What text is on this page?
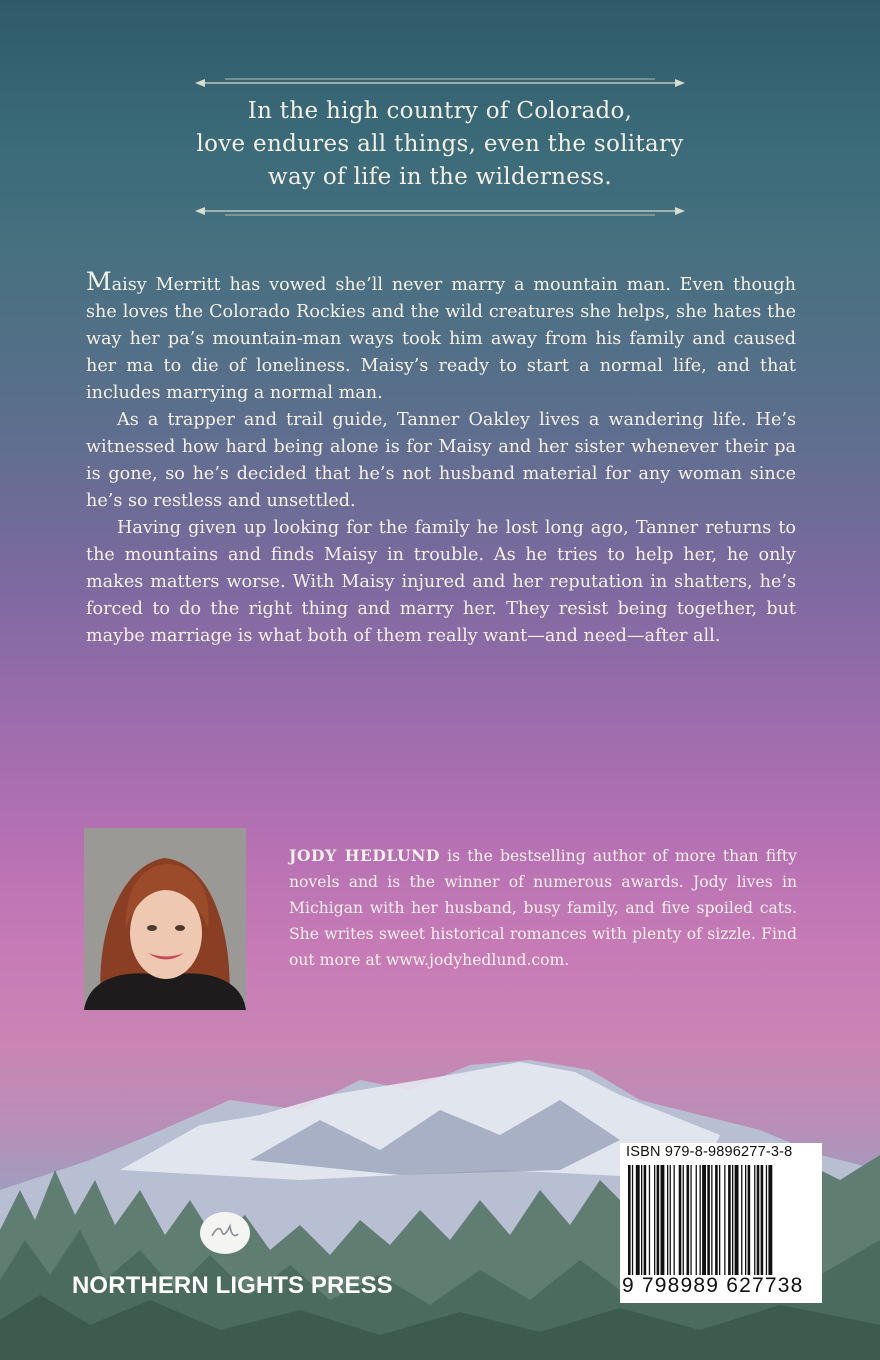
In the high country of Colorado,
love endures all things, even the solitary
way of life in the wilderness.

Maisy Merritt has vowed she’ll never marry a mountain man. Even though she loves the Colorado Rockies and the wild creatures she helps, she hates the way her pa’s mountain-man ways took him away from his family and caused her ma to die of loneliness. Maisy’s ready to start a normal life, and that includes marrying a normal man.

As a trapper and trail guide, Tanner Oakley lives a wandering life. He’s witnessed how hard being alone is for Maisy and her sister whenever their pa is gone, so he’s decided that he’s not husband material for any woman since he’s so restless and unsettled.

Having given up looking for the family he lost long ago, Tanner returns to the mountains and finds Maisy in trouble. As he tries to help her, he only makes matters worse. With Maisy injured and her reputation in shatters, he’s forced to do the right thing and marry her. They resist being together, but maybe marriage is what both of them really want—and need—after all.

JODY HEDLUND is the bestselling author of more than fifty novels and is the winner of numerous awards. Jody lives in Michigan with her husband, busy family, and five spoiled cats. She writes sweet historical romances with plenty of sizzle. Find out more at www.jodyhedlund.com.
NORTHERN LIGHTS PRESS
ISBN 979-8-9896277-3-8
9 798989 627738
